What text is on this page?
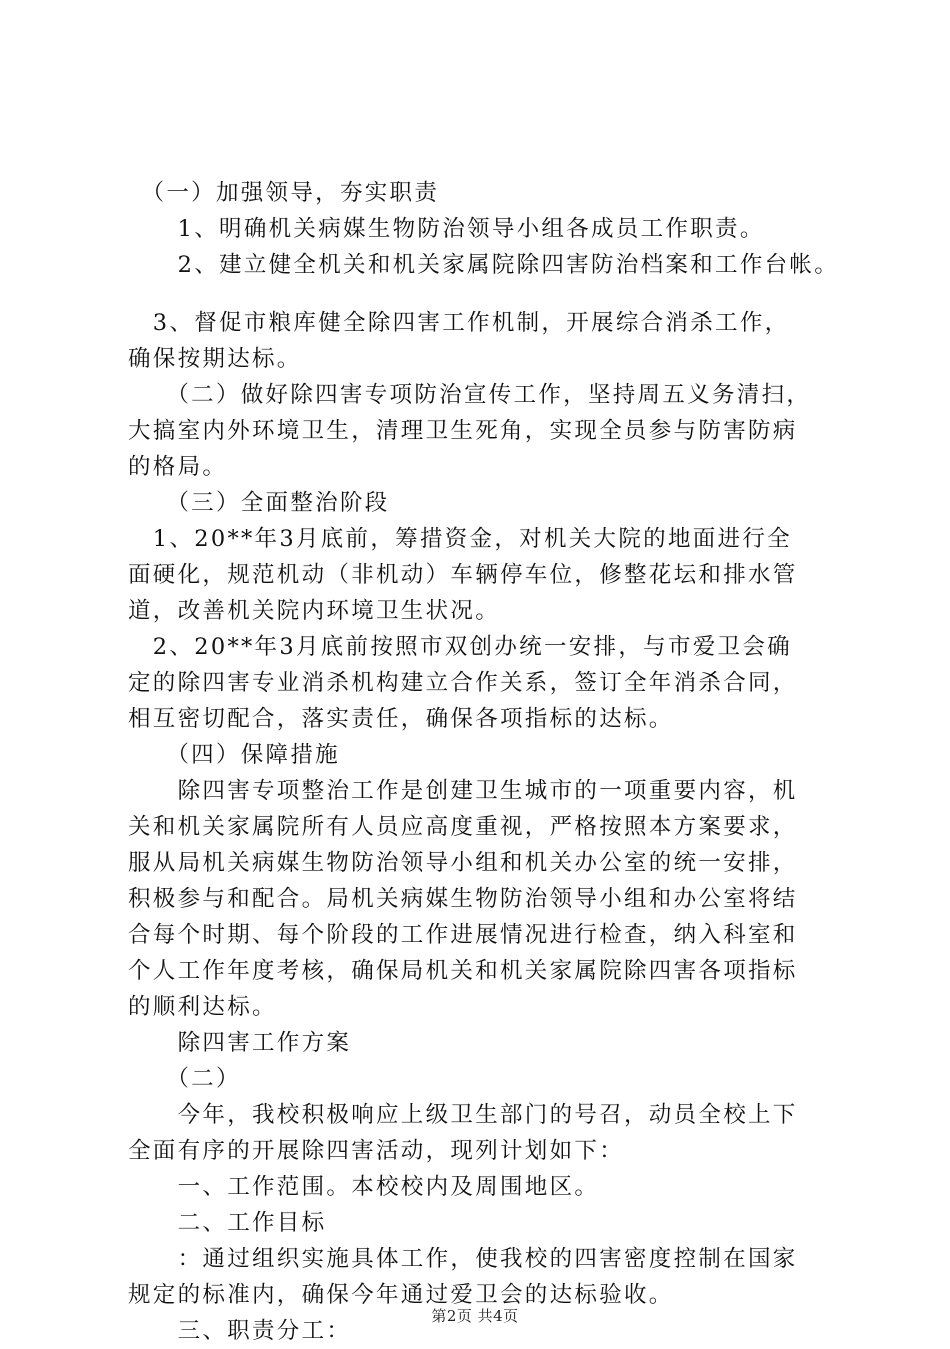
　（一）加强领导，夯实职责
　　1、明确机关病媒生物防治领导小组各成员工作职责。
　　2、建立健全机关和机关家属院除四害防治档案和工作台帐。
　3、督促市粮库健全除四害工作机制，开展综合消杀工作，
确保按期达标。
　　（二）做好除四害专项防治宣传工作，坚持周五义务清扫，
大搞室内外环境卫生，清理卫生死角，实现全员参与防害防病
的格局。
　　（三）全面整治阶段
　1、20**年3月底前，筹措资金，对机关大院的地面进行全
面硬化，规范机动（非机动）车辆停车位，修整花坛和排水管
道，改善机关院内环境卫生状况。
　2、20**年3月底前按照市双创办统一安排，与市爱卫会确
定的除四害专业消杀机构建立合作关系，签订全年消杀合同，
相互密切配合，落实责任，确保各项指标的达标。
　　（四）保障措施
　　除四害专项整治工作是创建卫生城市的一项重要内容，机
关和机关家属院所有人员应高度重视，严格按照本方案要求，
服从局机关病媒生物防治领导小组和机关办公室的统一安排，
积极参与和配合。局机关病媒生物防治领导小组和办公室将结
合每个时期、每个阶段的工作进展情况进行检查，纳入科室和
个人工作年度考核，确保局机关和机关家属院除四害各项指标
的顺利达标。
　　除四害工作方案
　　（二）
　　今年，我校积极响应上级卫生部门的号召，动员全校上下
全面有序的开展除四害活动，现列计划如下：
　　一、工作范围。本校校内及周围地区。
　　二、工作目标
　　：通过组织实施具体工作，使我校的四害密度控制在国家
规定的标准内，确保今年通过爱卫会的达标验收。
　　三、职责分工：
第2页 共4页
